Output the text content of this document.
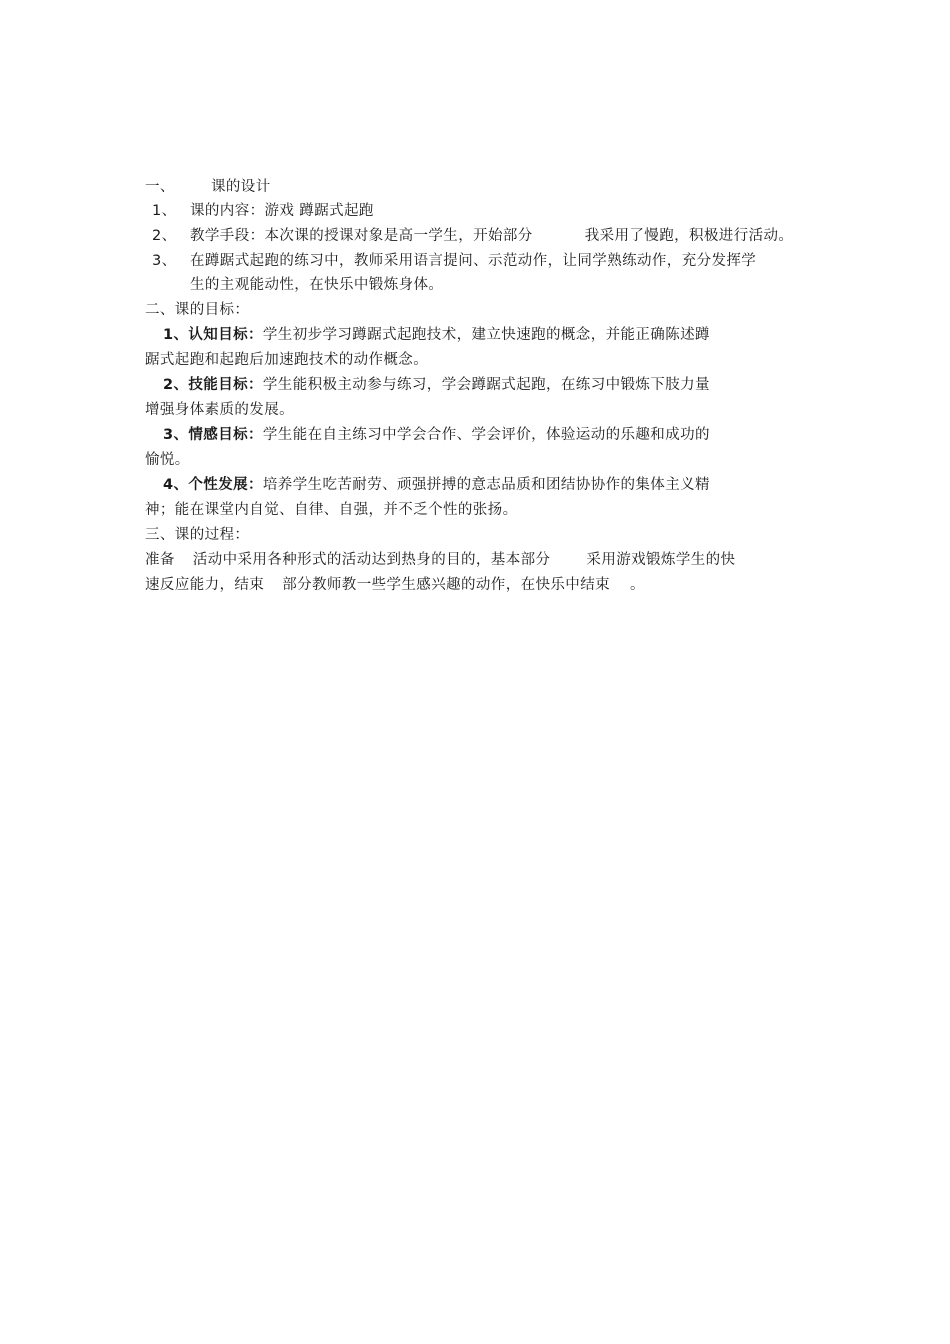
一、 课的设计
1、 课的内容：游戏 蹲踞式起跑
2、 教学手段：本次课的授课对象是高一学生，开始部分	我采用了慢跑，积极进行活动。
3、 在蹲踞式起跑的练习中，教师采用语言提问、示范动作，让同学熟练动作，充分发挥学
生的主观能动性，在快乐中锻炼身体。
二、课的目标：
1、认知目标：学生初步学习蹲踞式起跑技术，建立快速跑的概念，并能正确陈述蹲
踞式起跑和起跑后加速跑技术的动作概念。
2、技能目标：学生能积极主动参与练习，学会蹲踞式起跑，在练习中锻炼下肢力量
增强身体素质的发展。
3、情感目标：学生能在自主练习中学会合作、学会评价，体验运动的乐趣和成功的
愉悦。
4、个性发展：培养学生吃苦耐劳、顽强拼搏的意志品质和团结协协作的集体主义精
神；能在课堂内自觉、自律、自强，并不乏个性的张扬。
三、课的过程：
准备 活动中采用各种形式的活动达到热身的目的，基本部分 采用游戏锻炼学生的快
速反应能力，结束 部分教师教一些学生感兴趣的动作，在快乐中结束 。
